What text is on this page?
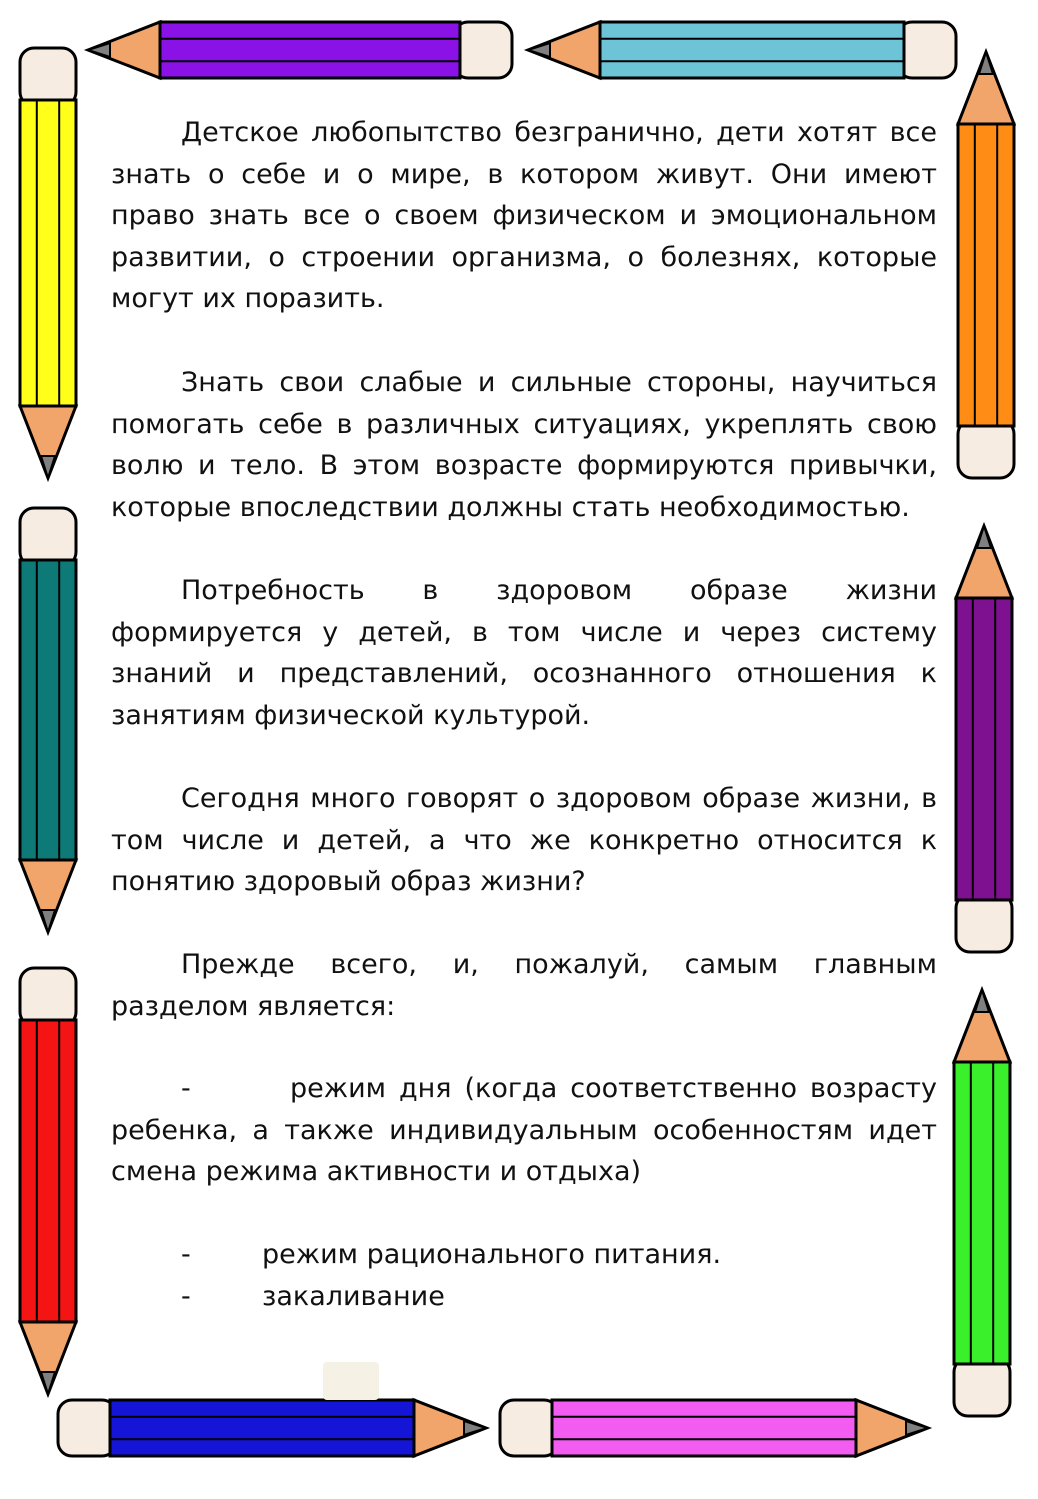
Детское любопытство безгранично, дети хотят все знать о себе и о мире, в котором живут. Они имеют право знать все о своем физическом и эмоциональном развитии, о строении организма, о болезнях, которые могут их поразить.

Знать свои слабые и сильные стороны, научиться помогать себе в различных ситуациях, укреплять свою волю и тело. В этом возрасте формируются привычки, которые впоследствии должны стать необходимостью.

Потребность в здоровом образе жизни формируется у детей, в том числе и через систему знаний и представлений, осознанного отношения к занятиям физической культурой.

Сегодня много говорят о здоровом образе жизни, в том числе и детей, а что же конкретно относится к понятию здоровый образ жизни?

Прежде всего, и, пожалуй, самым главным разделом является:

-	режим дня (когда соответственно возрасту ребенка, а также индивидуальным особенностям идет смена режима активности и отдыха)
-	режим рационального питания.
-	закаливание
